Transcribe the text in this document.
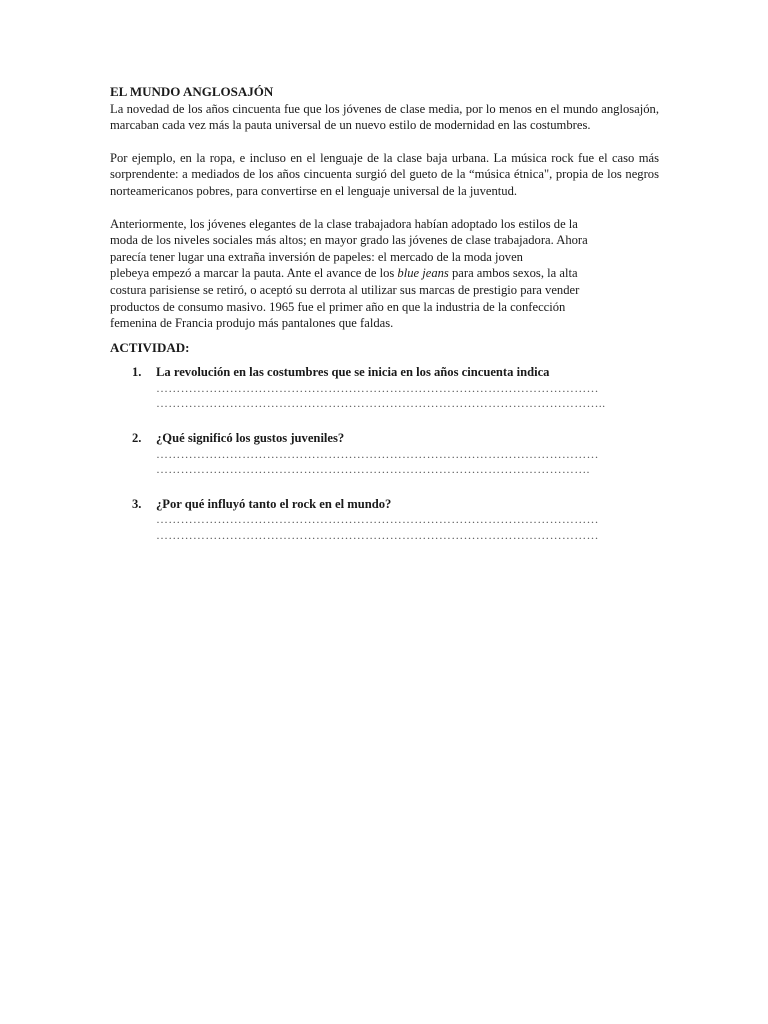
EL MUNDO ANGLOSAJÓN

La novedad de los años cincuenta fue que los jóvenes de clase media, por lo menos en el mundo anglosajón, marcaban cada vez más la pauta universal de un nuevo estilo de modernidad en las costumbres.

Por ejemplo, en la ropa, e incluso en el lenguaje de la clase baja urbana. La música rock fue el caso más sorprendente: a mediados de los años cincuenta surgió del gueto de la “música étnica", propia de los negros norteamericanos pobres, para convertirse en el lenguaje universal de la juventud.

Anteriormente, los jóvenes elegantes de la clase trabajadora habían adoptado los estilos de la
moda de los niveles sociales más altos; en mayor grado las jóvenes de clase trabajadora. Ahora
parecía tener lugar una extraña inversión de papeles: el mercado de la moda joven
plebeya empezó a marcar la pauta. Ante el avance de los blue jeans para ambos sexos, la alta
costura parisiense se retiró, o aceptó su derrota al utilizar sus marcas de prestigio para vender
productos de consumo masivo. 1965 fue el primer año en que la industria de la confección
femenina de Francia produjo más pantalones que faldas.

ACTIVIDAD:
1.	La revolución en las costumbres que se inicia en los años cincuenta indica
………………………………………………………………………………………………
………………………………………………………………………………………………..
2.	¿Qué significó los gustos juveniles?
………………………………………………………………………………………………
…………………………………………………………………………………………….
3.	¿Por qué influyó tanto el rock en el mundo?
………………………………………………………………………………………………
………………………………………………………………………………………………
